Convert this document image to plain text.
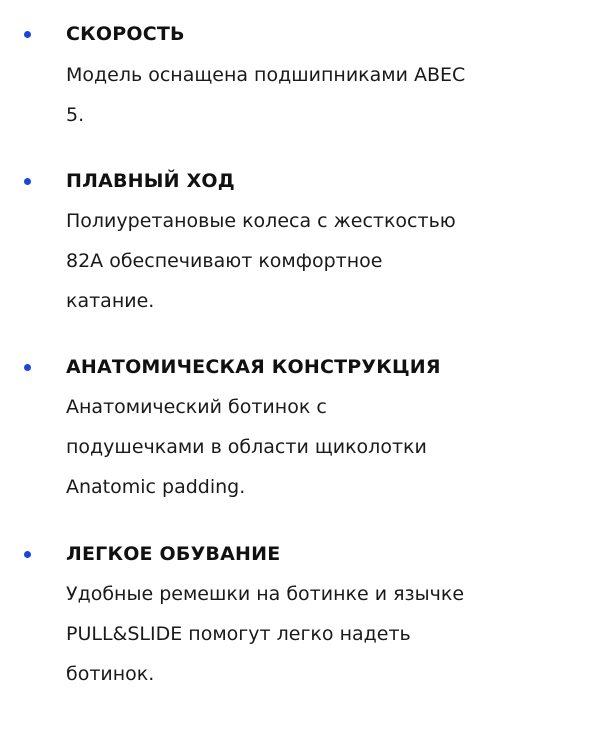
СКОРОСТЬ
Модель оснащена подшипниками ABEC
5.
ПЛАВНЫЙ ХОД
Полиуретановые колеса с жесткостью
82A обеспечивают комфортное
катание.
АНАТОМИЧЕСКАЯ КОНСТРУКЦИЯ
Анатомический ботинок с
подушечками в области щиколотки
Anatomic padding.
ЛЕГКОЕ ОБУВАНИЕ
Удобные ремешки на ботинке и язычке
PULL&SLIDE помогут легко надеть
ботинок.
